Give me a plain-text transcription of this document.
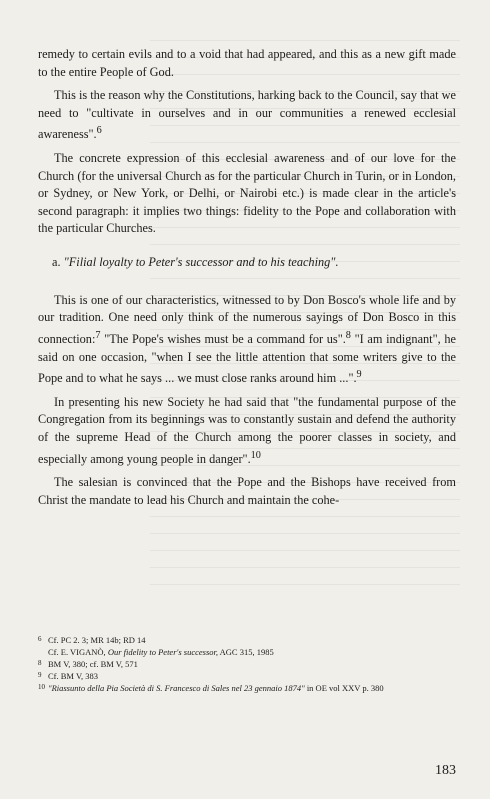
remedy to certain evils and to a void that had appeared, and this as a new gift made to the entire People of God.

This is the reason why the Constitutions, harking back to the Council, say that we need to "cultivate in ourselves and in our communities a renewed ecclesial awareness".$^6$

The concrete expression of this ecclesial awareness and of our love for the Church (for the universal Church as for the particular Church in Turin, or in London, or Sydney, or New York, or Delhi, or Nairobi etc.) is made clear in the article's second paragraph: it implies two things: fidelity to the Pope and collaboration with the particular Churches.

a. "Filial loyalty to Peter's successor and to his teaching".

This is one of our characteristics, witnessed to by Don Bosco's whole life and by our tradition. One need only think of the numerous sayings of Don Bosco in this connection:$^7$ "The Pope's wishes must be a command for us".$^8$ "I am indignant", he said on one occasion, "when I see the little attention that some writers give to the Pope and to what he says ... we must close ranks around him ...".$^9$

In presenting his new Society he had said that "the fundamental purpose of the Congregation from its beginnings was to constantly sustain and defend the authority of the supreme Head of the Church among the poorer classes in society, and especially among young people in danger".$^{10}$

The salesian is convinced that the Pope and the Bishops have received from Christ the mandate to lead his Church and maintain the cohe-

6 Cf. PC 2. 3; MR 14b; RD 14

Cf. E. VIGANÒ, Our fidelity to Peter's successor, AGC 315, 1985

8 BM V, 380; cf. BM V, 571

9 Cf. BM V, 383

10 "Riassunto della Pia Società di S. Francesco di Sales nel 23 gennaio 1874" in OE vol XXV p. 380

183
